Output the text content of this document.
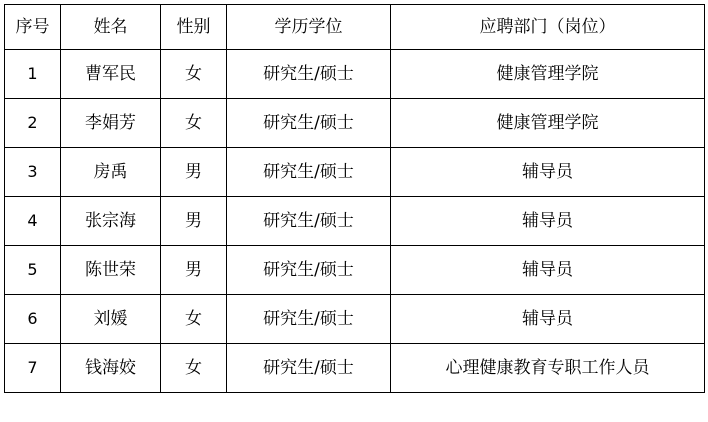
序号	姓名	性别	学历学位	应聘部门（岗位）
1	曹军民	女	研究生/硕士	健康管理学院
2	李娟芳	女	研究生/硕士	健康管理学院
3	房禹	男	研究生/硕士	辅导员
4	张宗海	男	研究生/硕士	辅导员
5	陈世荣	男	研究生/硕士	辅导员
6	刘媛	女	研究生/硕士	辅导员
7	钱海姣	女	研究生/硕士	心理健康教育专职工作人员
